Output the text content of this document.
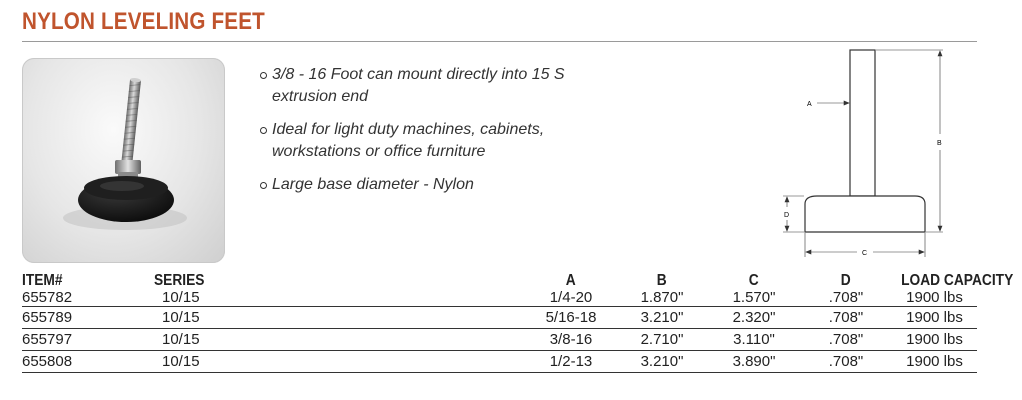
NYLON LEVELING FEET
3/8 - 16 Foot can mount directly into 15 S extrusion end
Ideal for light duty machines, cabinets, workstations or office furniture
Large base diameter - Nylon
A
B
D
C
ITEM#	SERIES	A	B	C	D	LOAD CAPACITY
655782	10/15	1/4-20	1.870"	1.570"	.708"	1900 lbs
655789	10/15	5/16-18	3.210"	2.320"	.708"	1900 lbs
655797	10/15	3/8-16	2.710"	3.110"	.708"	1900 lbs
655808	10/15	1/2-13	3.210"	3.890"	.708"	1900 lbs
